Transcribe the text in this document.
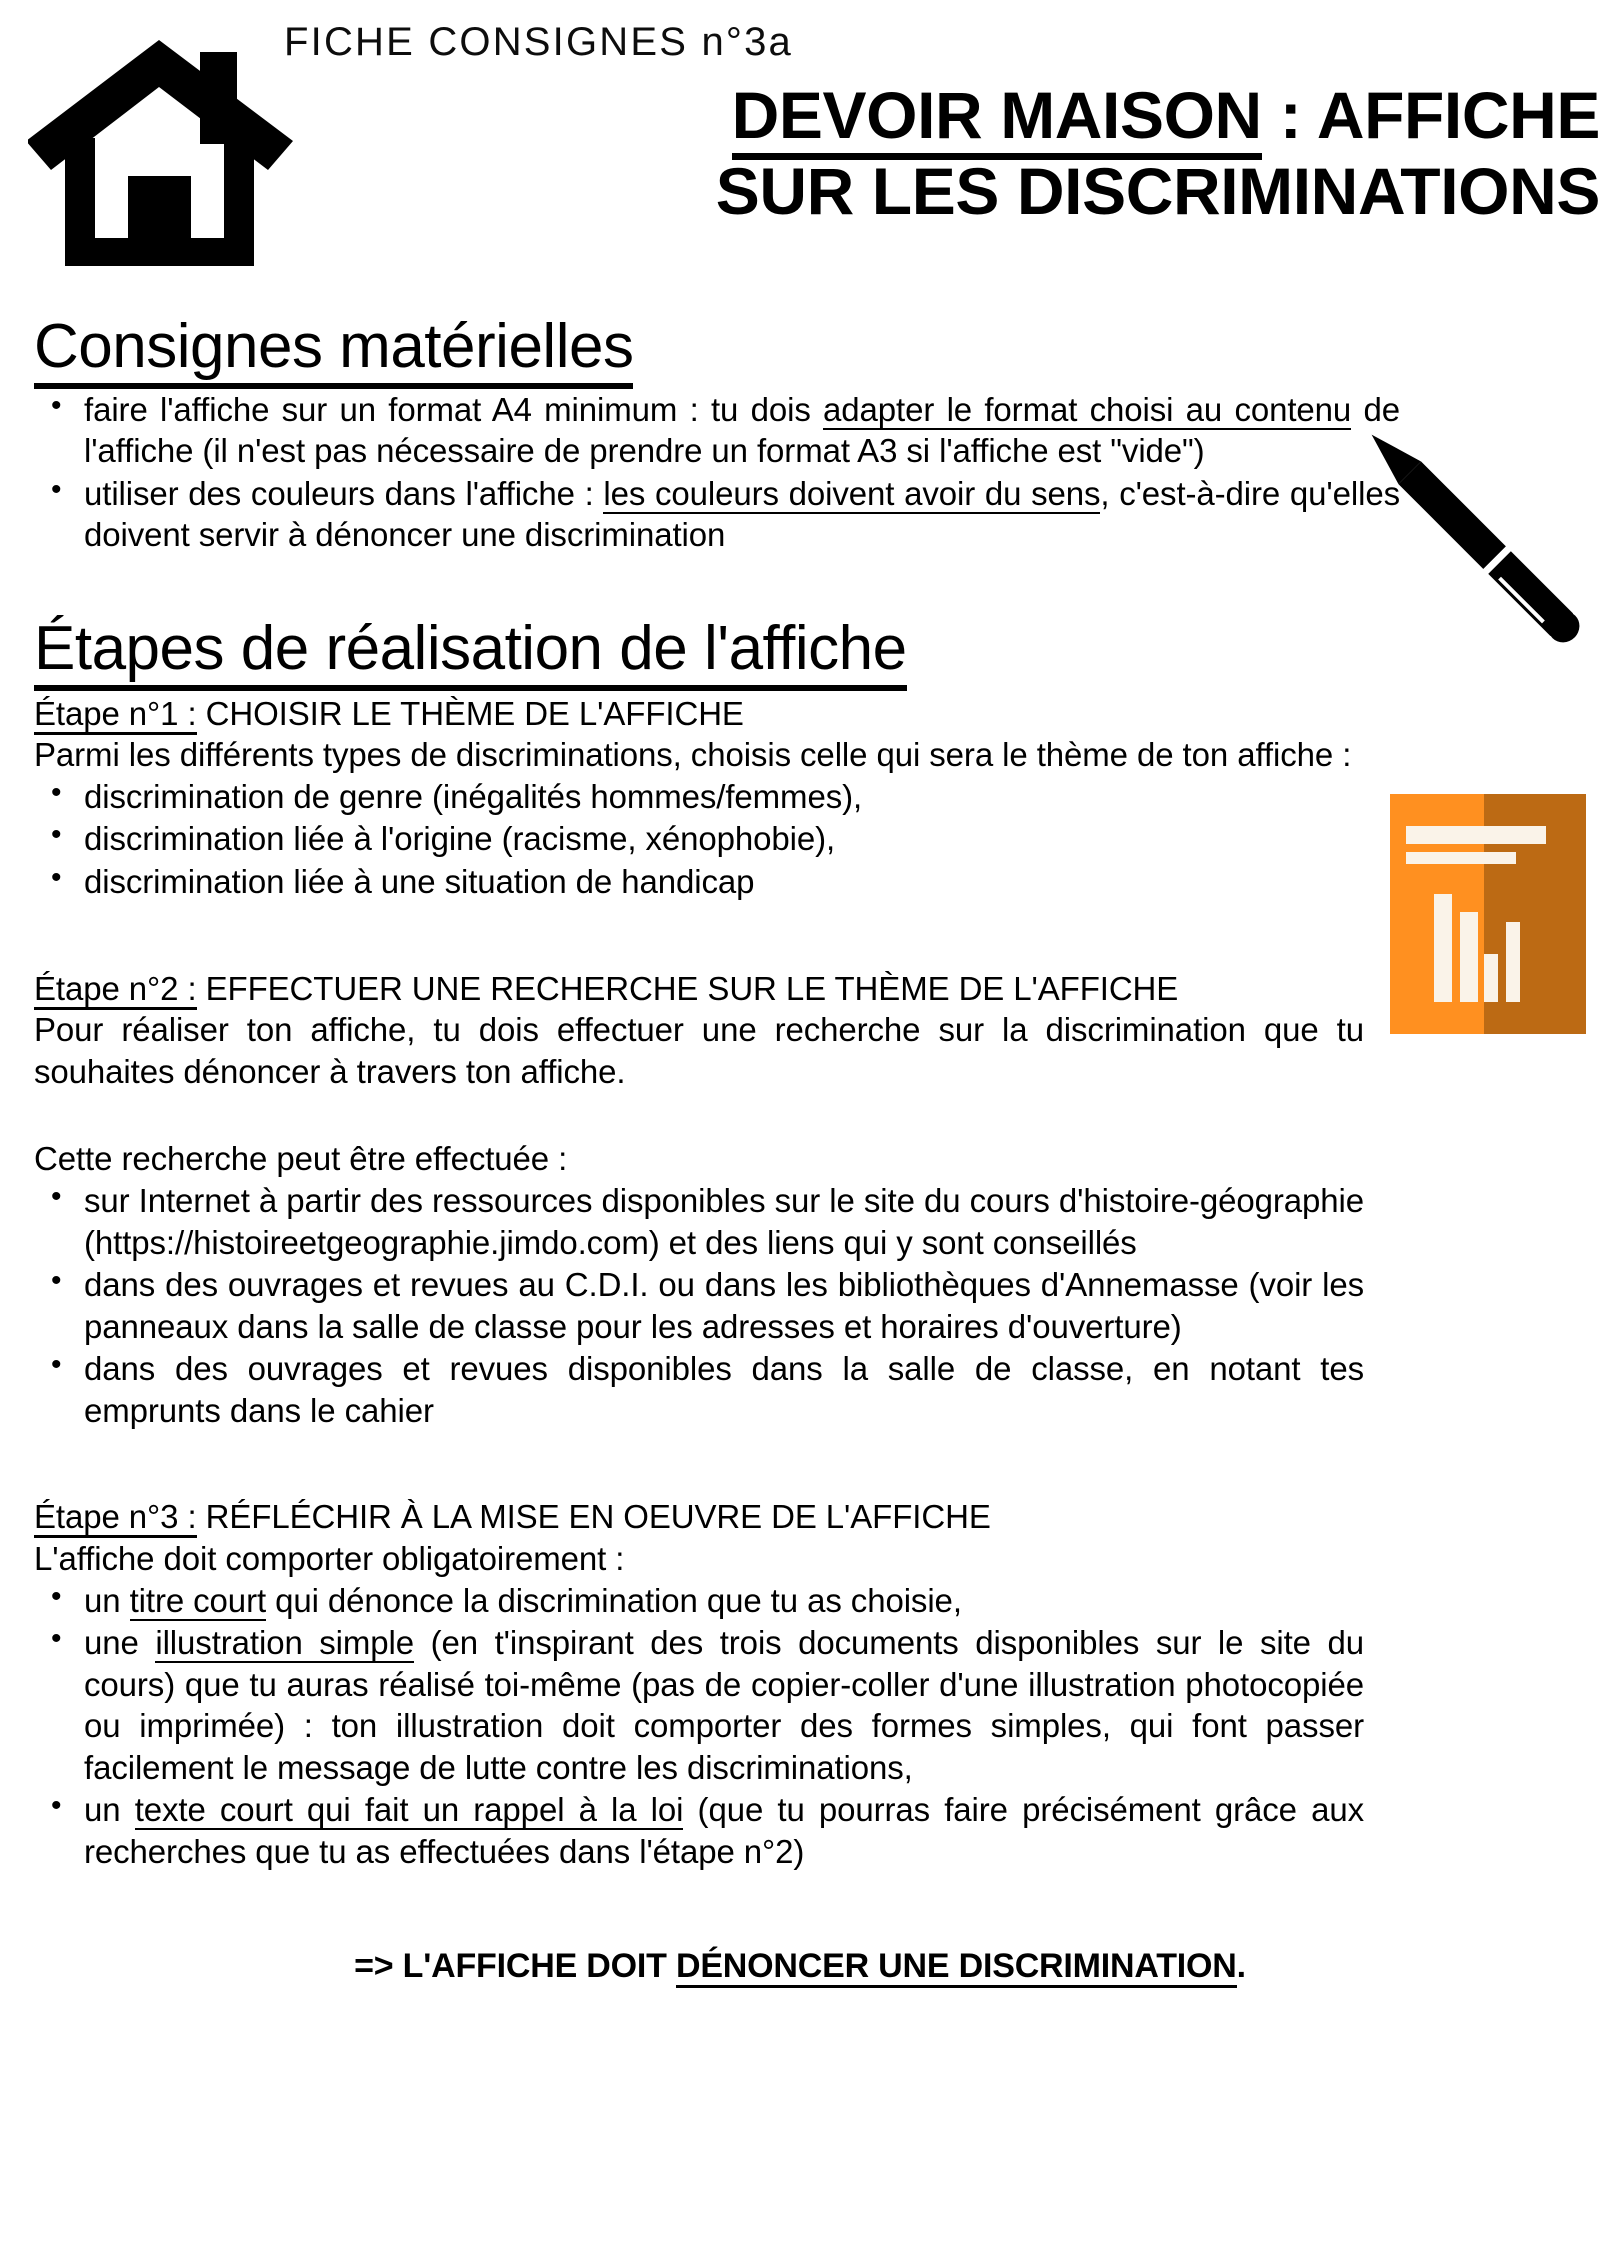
FICHE CONSIGNES n°3a
DEVOIR MAISON : AFFICHE
SUR LES DISCRIMINATIONS
Consignes matérielles
• faire l'affiche sur un format A4 minimum : tu dois adapter le format choisi au contenu de l'affiche (il n'est pas nécessaire de prendre un format A3 si l'affiche est "vide")
• utiliser des couleurs dans l'affiche : les couleurs doivent avoir du sens, c'est-à-dire qu'elles doivent servir à dénoncer une discrimination
Étapes de réalisation de l'affiche

Étape n°1 : CHOISIR LE THÈME DE L'AFFICHE

Parmi les différents types de discriminations, choisis celle qui sera le thème de ton affiche :

• discrimination de genre (inégalités hommes/femmes),
• discrimination liée à l'origine (racisme, xénophobie),
• discrimination liée à une situation de handicap

Étape n°2 : EFFECTUER UNE RECHERCHE SUR LE THÈME DE L'AFFICHE

Pour réaliser ton affiche, tu dois effectuer une recherche sur la discrimination que tu souhaites dénoncer à travers ton affiche.

Cette recherche peut être effectuée :

• sur Internet à partir des ressources disponibles sur le site du cours d'histoire-géographie (https://histoireetgeographie.jimdo.com) et des liens qui y sont conseillés
• dans des ouvrages et revues au C.D.I. ou dans les bibliothèques d'Annemasse (voir les panneaux dans la salle de classe pour les adresses et horaires d'ouverture)
• dans des ouvrages et revues disponibles dans la salle de classe, en notant tes emprunts dans le cahier

Étape n°3 : RÉFLÉCHIR À LA MISE EN OEUVRE DE L'AFFICHE

L'affiche doit comporter obligatoirement :

• un titre court qui dénonce la discrimination que tu as choisie,
• une illustration simple (en t'inspirant des trois documents disponibles sur le site du cours) que tu auras réalisé toi-même (pas de copier-coller d'une illustration photocopiée ou imprimée) : ton illustration doit comporter des formes simples, qui font passer facilement le message de lutte contre les discriminations,
• un texte court qui fait un rappel à la loi (que tu pourras faire précisément grâce aux recherches que tu as effectuées dans l'étape n°2)
=> L'AFFICHE DOIT DÉNONCER UNE DISCRIMINATION.
